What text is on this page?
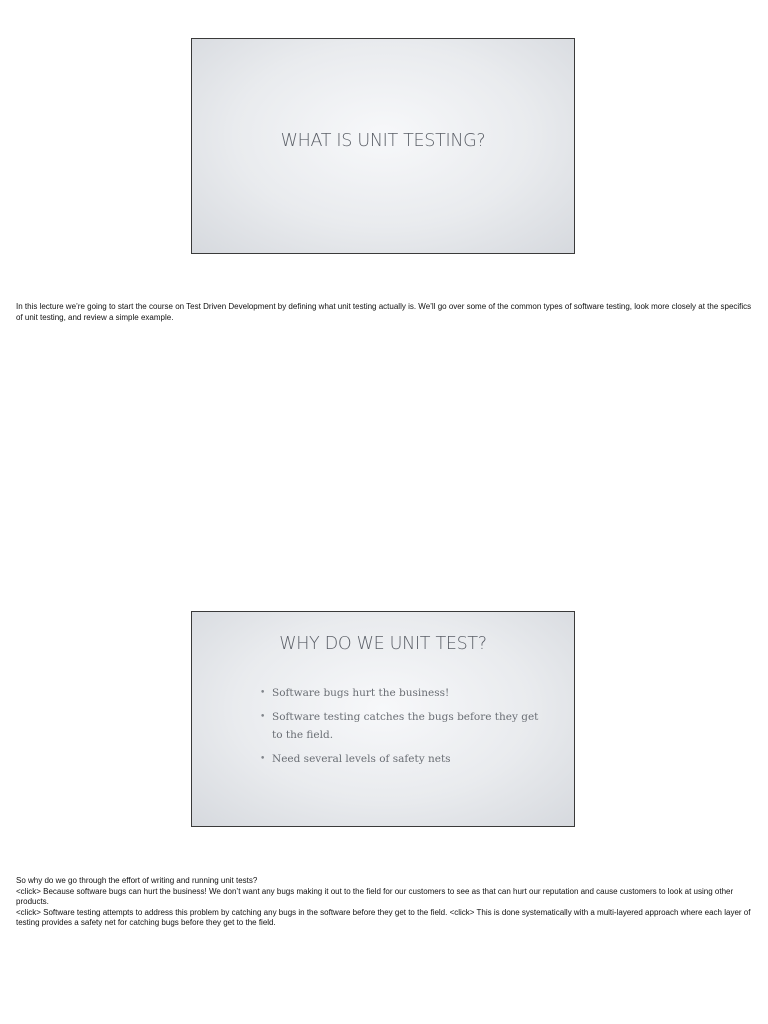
WHAT IS UNIT TESTING?

In this lecture we’re going to start the course on Test Driven Development by defining what unit testing actually is. We’ll go over some of the common types of software testing, look more closely at the specifics of unit testing, and review a simple example.

WHY DO WE UNIT TEST?
• Software bugs hurt the business!
• Software testing catches the bugs before they get to the field.
• Need several levels of safety nets

So why do we go through the effort of writing and running unit tests?

<click> Because software bugs can hurt the business! We don’t want any bugs making it out to the field for our customers to see as that can hurt our reputation and cause customers to look at using other products.

<click> Software testing attempts to address this problem by catching any bugs in the software before they get to the field. <click> This is done systematically with a multi-layered approach where each layer of testing provides a safety net for catching bugs before they get to the field.
